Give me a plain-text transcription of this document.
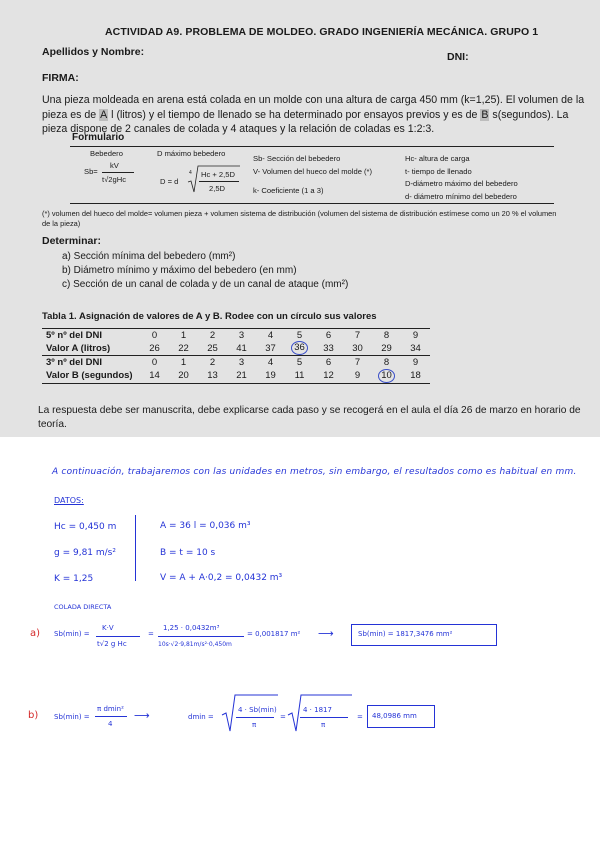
ACTIVIDAD A9. PROBLEMA DE MOLDEO. GRADO INGENIERÍA MECÁNICA. GRUPO 1
Apellidos y Nombre:	DNI:
FIRMA:
Una pieza moldeada en arena está colada en un molde con una altura de carga 450 mm (k=1,25). El volumen de la pieza es de A l (litros) y el tiempo de llenado se ha determinado por ensayos previos y es de B s(segundos). La pieza dispone de 2 canales de colada y 4 ataques y la relación de coladas es 1:2:3.
Formulario
Bebedero	D máximo bebedero
Sb=
kV
t√2gHc	D = d
4 Hc + 2,5D
2,5D
Sb- Sección del bebedero
V- Volumen del hueco del molde (*)
k- Coeficiente (1 a 3)
Hc- altura de carga
t- tiempo de llenado
D-diámetro máximo del bebedero
d- diámetro mínimo del bebedero
(*) volumen del hueco del molde= volumen pieza + volumen sistema de distribución (volumen del sistema de distribución estímese como un 20 % el volumen de la pieza)
Determinar:
a) Sección mínima del bebedero (mm²)
b) Diámetro mínimo y máximo del bebedero (en mm)
c) Sección de un canal de colada y de un canal de ataque (mm²)
Tabla 1. Asignación de valores de A y B. Rodee con un círculo sus valores
5º nº del DNI	0	1	2	3	4	5	6	7	8	9
Valor A (litros)	26	22	25	41	37	36	33	30	29	34
3º nº del DNI	0	1	2	3	4	5	6	7	8	9
Valor B (segundos)	14	20	13	21	19	11	12	9	10	18
La respuesta debe ser manuscrita, debe explicarse cada paso y se recogerá en el aula el día 26 de marzo en horario de teoría.
A continuación, trabajaremos con las unidades en metros, sin embargo, el resultados como es habitual en mm.
DATOS:
Hc = 0,450 m
g = 9,81 m/s²
K = 1,25
A = 36 l = 0,036 m³
B = t = 10 s
V = A + A·0,2 = 0,0432 m³
COLADA DIRECTA
a) Sb(min) =
K·V
t√2 g Hc
=
1,25 · 0,0432m³
10s·√2·9,81m/s²·0,450m
= 0,001817 m² ⟶	Sb(min) = 1817,3476 mm²
b) Sb(min) =
π dmin²
4
⟶	dmin =
4 · Sb(min)
π
=
4 · 1817
π
= 48,0986 mm
